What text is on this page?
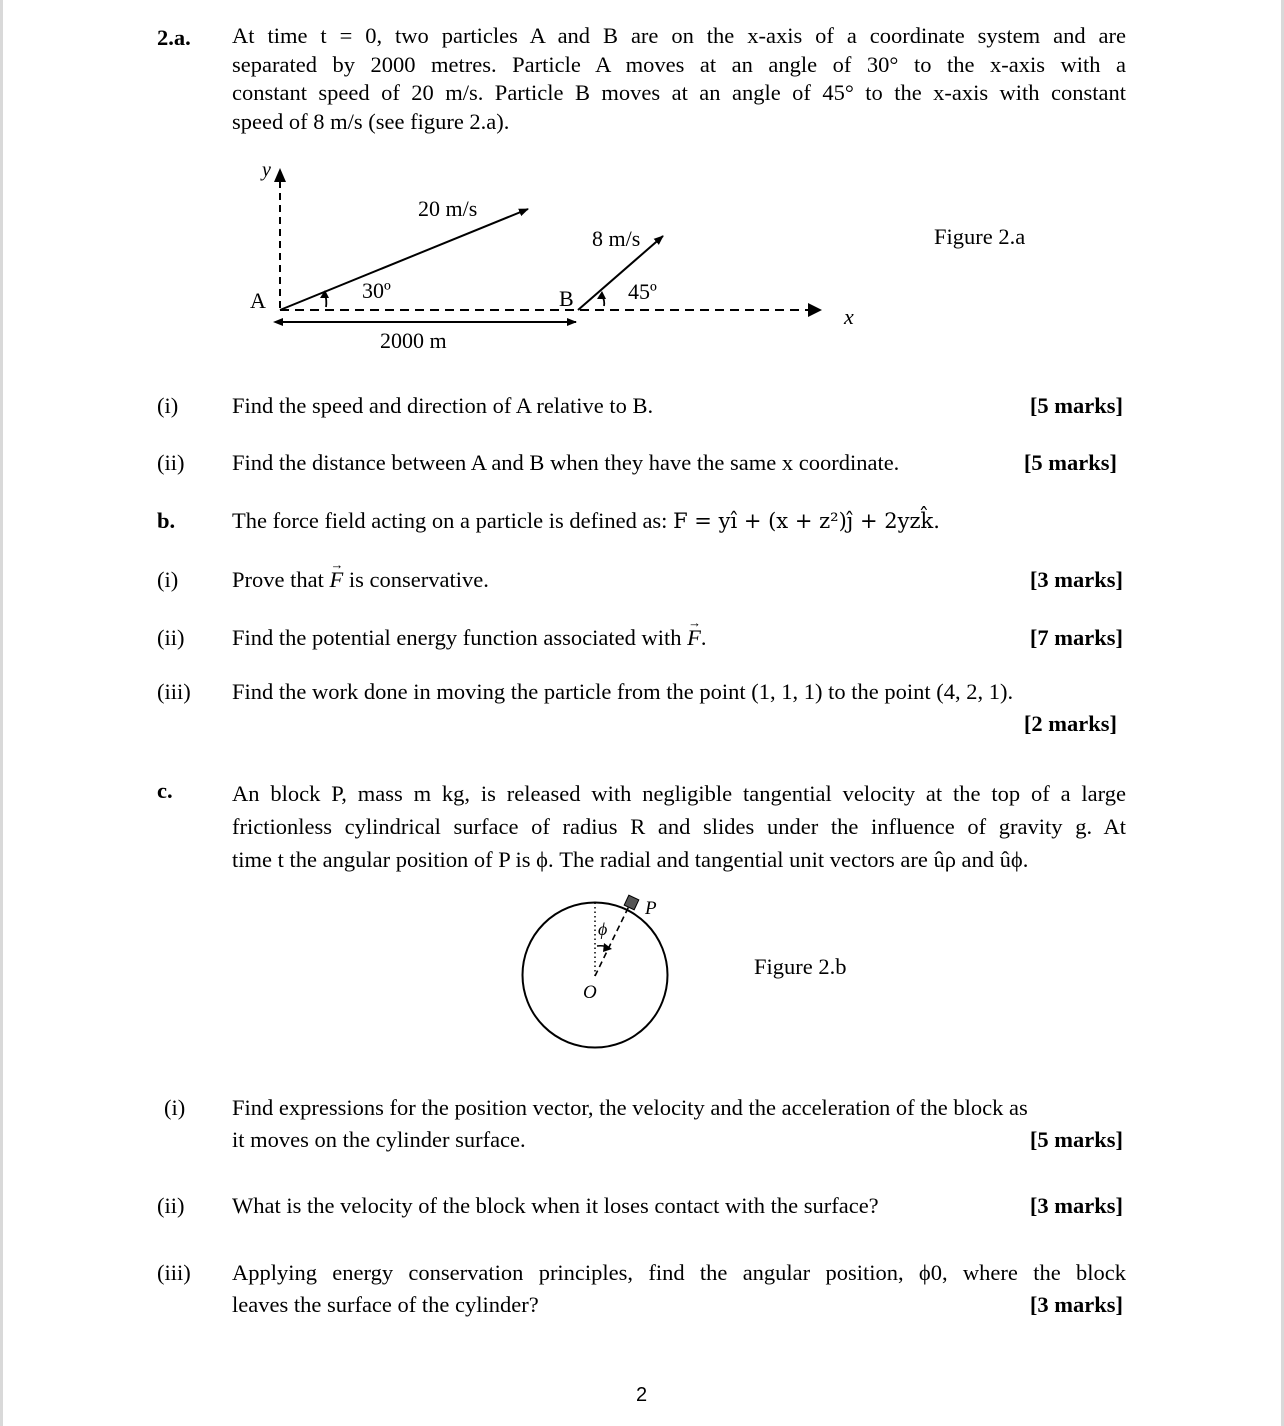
2.a. At time t = 0, two particles A and B are on the x-axis of a coordinate system and are
separated by 2000 metres. Particle A moves at an angle of 30° to the x-axis with a
constant speed of 20 m/s. Particle B moves at an angle of 45° to the x-axis with constant
speed of 8 m/s (see figure 2.a).
y
x
20 m/s
8 m/s
30º	45º
A	B
2000 m
Figure 2.a
(i) Find the speed and direction of A relative to B.	[5 marks]
(ii) Find the distance between A and B when they have the same x coordinate.	[5 marks]
b.	The force field acting on a particle is defined as: F = yî + (x + z²)ĵ + 2yzk̂.
(i) Prove that F → is conservative.	[3 marks]
(ii) Find the potential energy function associated with F →.	[7 marks]
(iii) Find the work done in moving the particle from the point (1, 1, 1) to the point (4, 2, 1).
[2 marks]
c.	An block P, mass m kg, is released with negligible tangential velocity at the top of a large
frictionless cylindrical surface of radius R and slides under the influence of gravity g. At
time t the angular position of P is ϕ. The radial and tangential unit vectors are ûρ and ûϕ.
P
ϕ
O
Figure 2.b
(i) Find expressions for the position vector, the velocity and the acceleration of the block as
it moves on the cylinder surface.	[5 marks]
(ii) What is the velocity of the block when it loses contact with the surface?	[3 marks]
(iii) Applying energy conservation principles, find the angular position, ϕ0, where the block
leaves the surface of the cylinder?	[3 marks]
2
